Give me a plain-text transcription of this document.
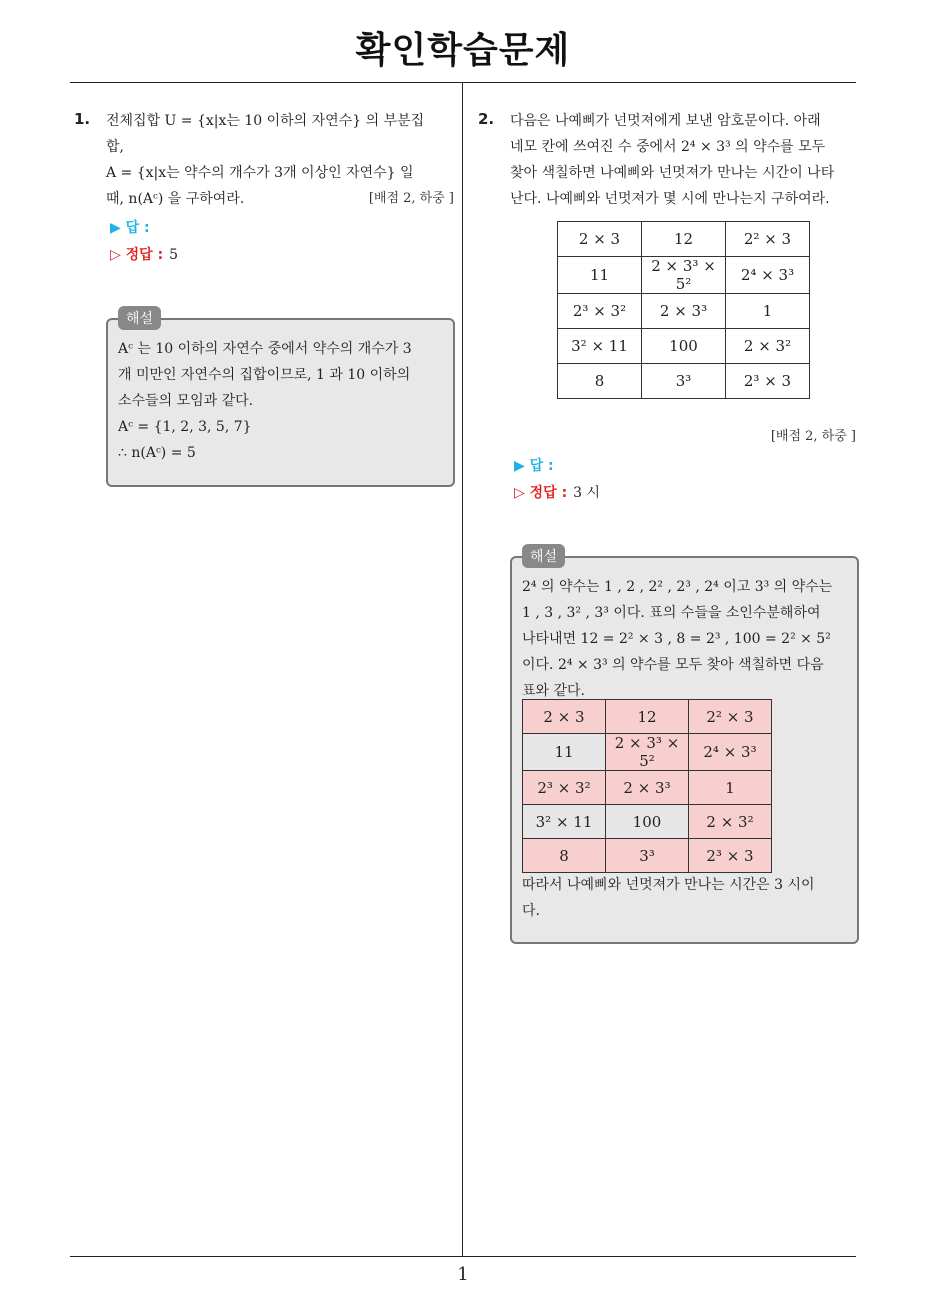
확인학습문제
1
1. 전체집합 U = {x|x는 10 이하의 자연수} 의 부분집
합,
A = {x|x는 약수의 개수가 3개 이상인 자연수} 일
때, n(Aᶜ) 을 구하여라.	[배점 2, 하중 ]
▶ 답 :
▷ 정답 : 5
해설
Aᶜ 는 10 이하의 자연수 중에서 약수의 개수가 3
개 미만인 자연수의 집합이므로, 1 과 10 이하의
소수들의 모임과 같다.
Aᶜ = {1, 2, 3, 5, 7}
∴ n(Aᶜ) = 5
2. 다음은 나예삐가 넌멋져에게 보낸 암호문이다. 아래
네모 칸에 쓰여진 수 중에서 2⁴ × 3³ 의 약수를 모두
찾아 색칠하면 나예삐와 넌멋져가 만나는 시간이 나타
난다. 나예삐와 넌멋져가 몇 시에 만나는지 구하여라.
2 × 3	12	2² × 3
11	2 × 3³ × 5²	2⁴ × 3³
2³ × 3²	2 × 3³	1
3² × 11	100	2 × 3²
8	3³	2³ × 3
[배점 2, 하중 ]
▶ 답 :
▷ 정답 : 3 시
해설
2⁴ 의 약수는 1 , 2 , 2² , 2³ , 2⁴ 이고 3³ 의 약수는
1 , 3 , 3² , 3³ 이다. 표의 수들을 소인수분해하여
나타내면 12 = 2² × 3 , 8 = 2³ , 100 = 2² × 5²
이다. 2⁴ × 3³ 의 약수를 모두 찾아 색칠하면 다음
표와 같다.
2 × 3	12	2² × 3
11	2 × 3³ × 5²	2⁴ × 3³
2³ × 3²	2 × 3³	1
3² × 11	100	2 × 3²
8	3³	2³ × 3
따라서 나예삐와 넌멋져가 만나는 시간은 3 시이
다.
